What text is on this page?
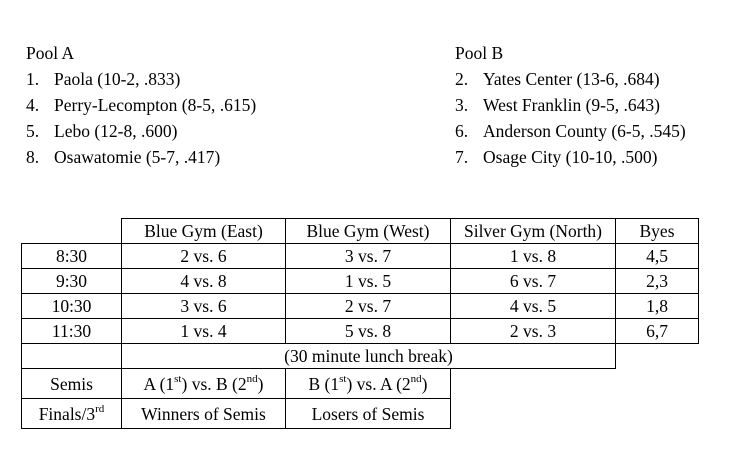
Pool A
1. Paola (10-2, .833)
4. Perry-Lecompton (8-5, .615)
5. Lebo (12-8, .600)
8. Osawatomie (5-7, .417)
Pool B
2. Yates Center (13-6, .684)
3. West Franklin (9-5, .643)
6. Anderson County (6-5, .545)
7. Osage City (10-10, .500)
	Blue Gym (East)	Blue Gym (West)	Silver Gym (North)	Byes
8:30	2 vs. 6	3 vs. 7	1 vs. 8	4,5
9:30	4 vs. 8	1 vs. 5	6 vs. 7	2,3
10:30	3 vs. 6	2 vs. 7	4 vs. 5	1,8
11:30	1 vs. 4	5 vs. 8	2 vs. 3	6,7
	(30 minute lunch break)			
Semis	A (1st) vs. B (2nd)	B (1st) vs. A (2nd)		
Finals/3rd	Winners of Semis	Losers of Semis		
